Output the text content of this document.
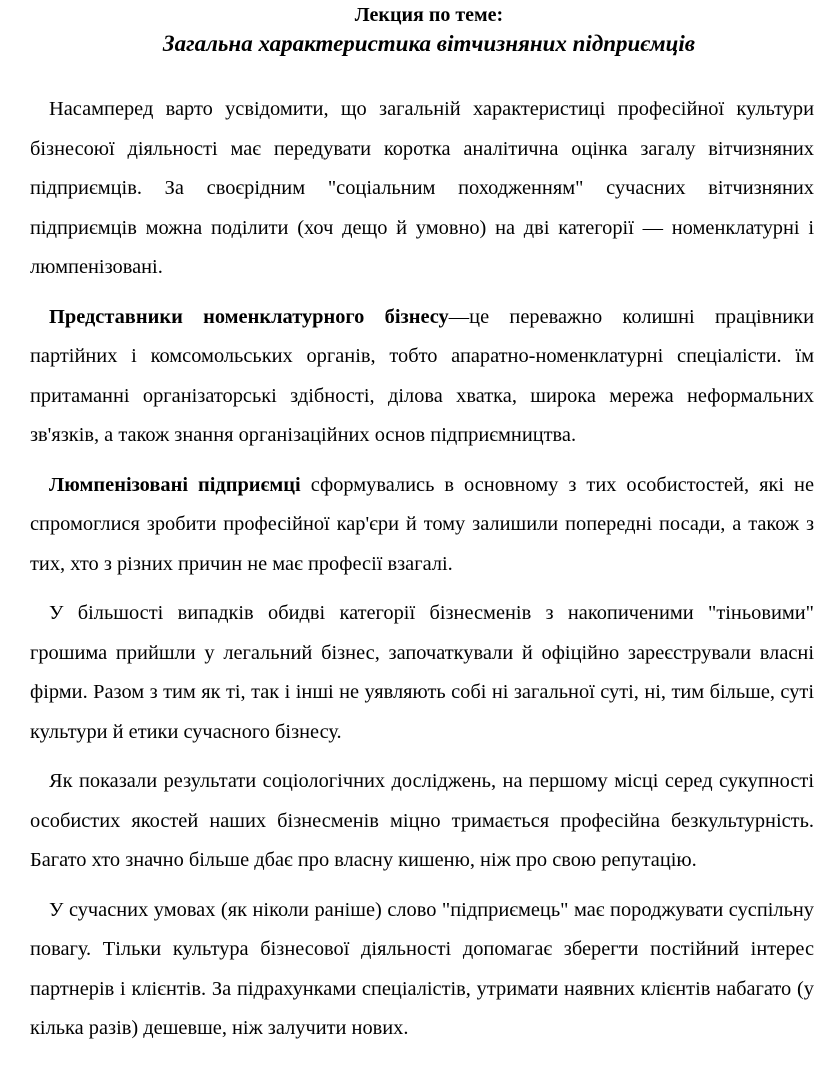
Лекция по теме:
Загальна характеристика вітчизняних підприємців

Насамперед варто усвідомити, що загальній характеристиці професійної культури бізнесоюї діяльності має передувати коротка аналітична оцінка загалу вітчизняних підприємців. За своєрідним "соціальним походженням" сучасних вітчизняних підприємців можна поділити (хоч дещо й умовно) на дві категорії — номенклатурні і люмпенізовані.

Представники номенклатурного бізнесу—це переважно колишні працівники партійних і комсомольських органів, тобто апаратно-номенклатурні спеціалісти. їм притаманні організаторські здібності, ділова хватка, широка мережа неформальних зв'язків, а також знання організаційних основ підприємництва.

Люмпенізовані підприємці сформувались в основному з тих особистостей, які не спромоглися зробити професійної кар'єри й тому залишили попередні посади, а також з тих, хто з різних причин не має професії взагалі.

У більшості випадків обидві категорії бізнесменів з накопиченими "тіньовими" грошима прийшли у легальний бізнес, започаткували й офіційно зареєстрували власні фірми. Разом з тим як ті, так і інші не уявляють собі ні загальної суті, ні, тим більше, суті культури й етики сучасного бізнесу.

Як показали результати соціологічних досліджень, на першому місці серед сукупності особистих якостей наших бізнесменів міцно тримається професійна безкультурність. Багато хто значно більше дбає про власну кишеню, ніж про свою репутацію.

У сучасних умовах (як ніколи раніше) слово "підприємець" має породжувати суспільну повагу. Тільки культура бізнесової діяльності допомагає зберегти постійний інтерес партнерів і клієнтів. За підрахунками спеціалістів, утримати наявних клієнтів набагато (у кілька разів) дешевше, ніж залучити нових.
